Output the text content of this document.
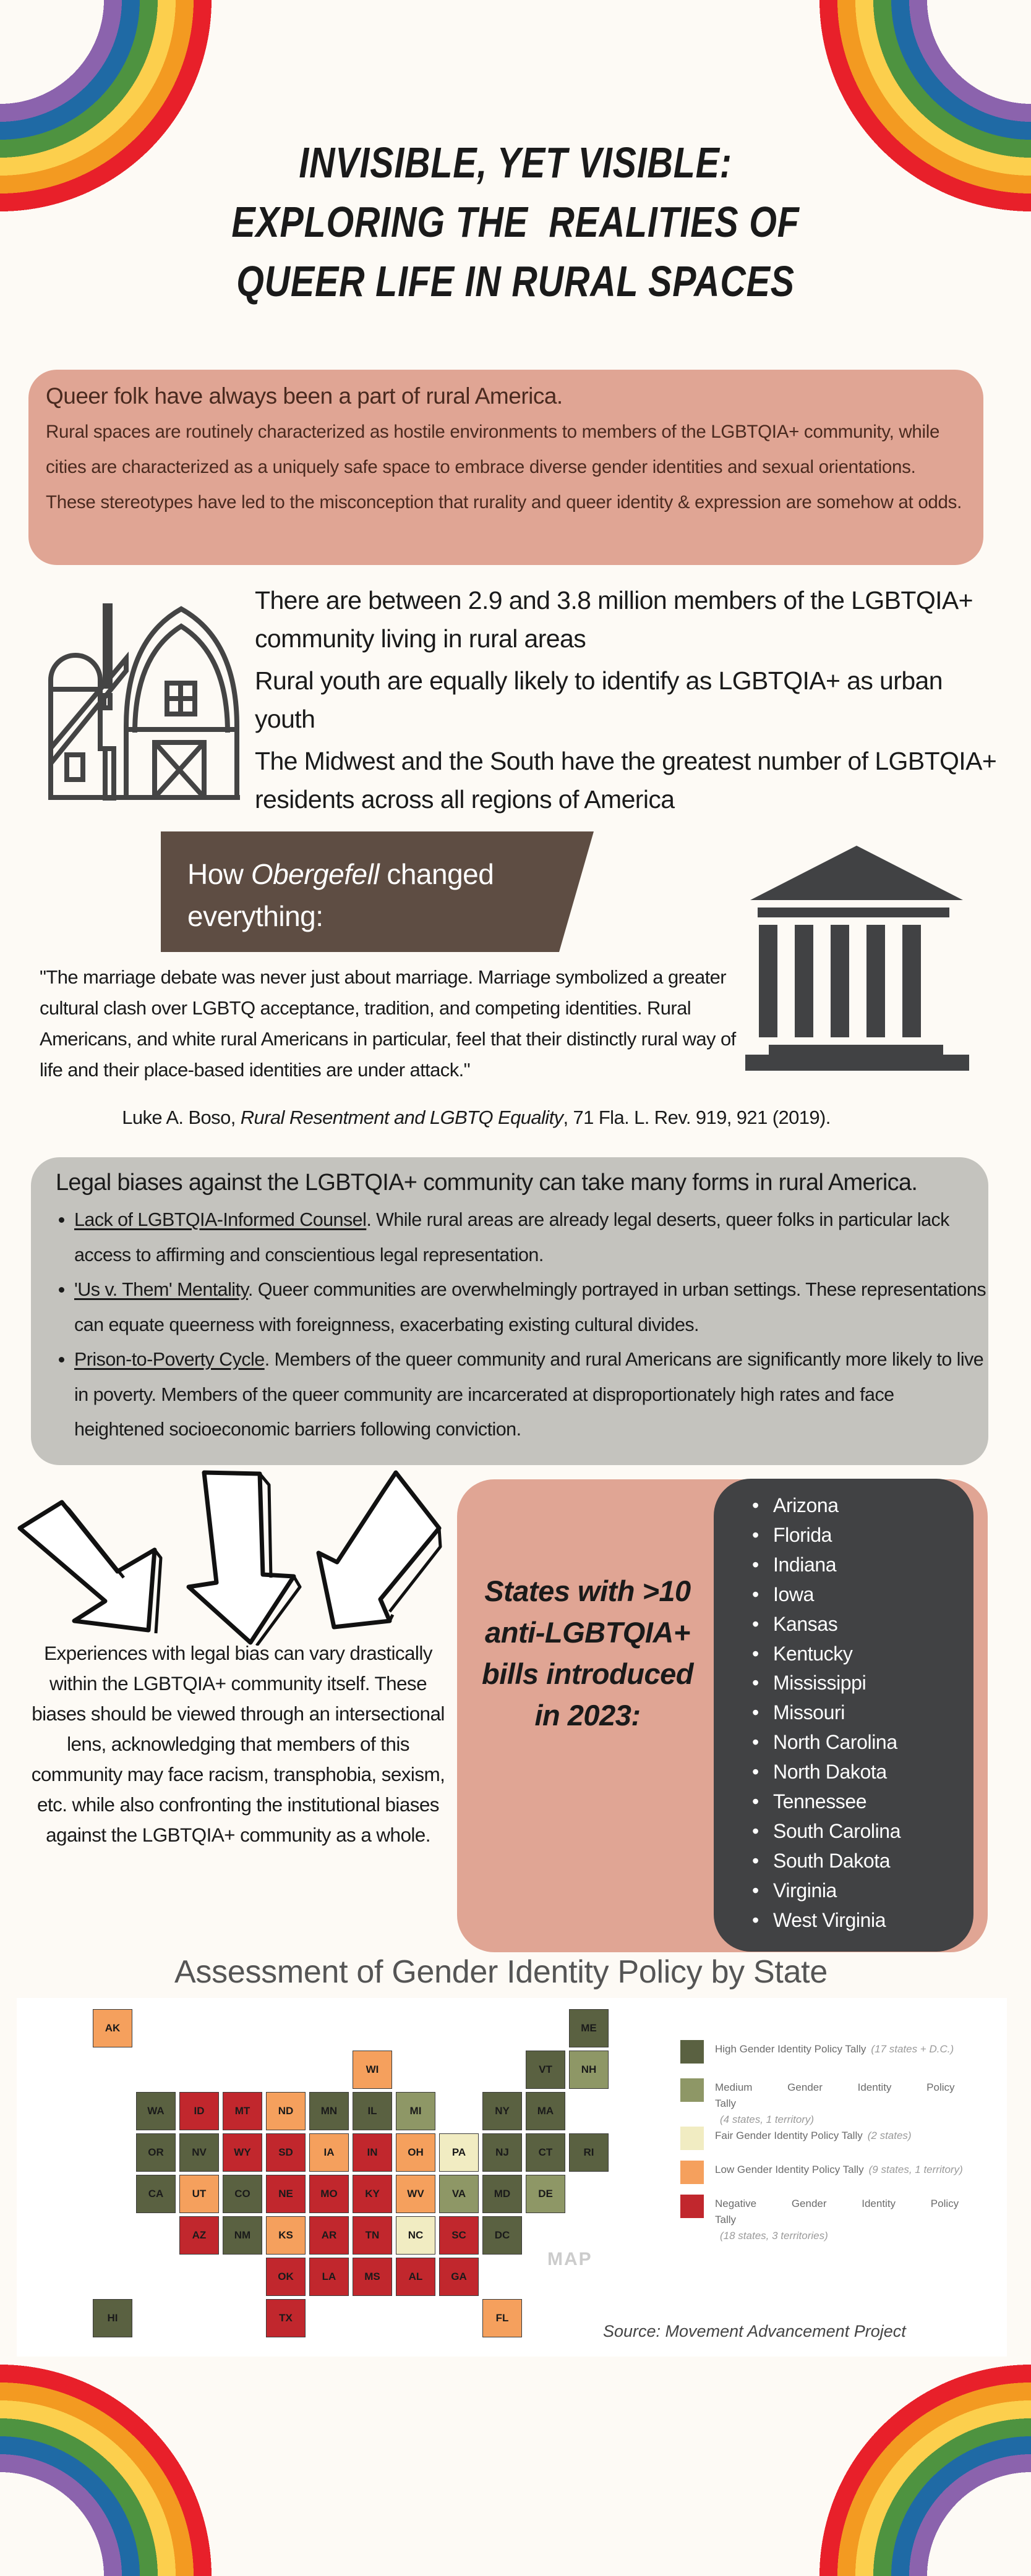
INVISIBLE, YET VISIBLE:
EXPLORING THE  REALITIES OF
QUEER LIFE IN RURAL SPACES
Queer folk have always been a part of rural America.

Rural spaces are routinely characterized as hostile environments to members of the LGBTQIA+ community, while cities are characterized as a uniquely safe space to embrace diverse gender identities and sexual orientations. These stereotypes have led to the misconception that rurality and queer identity & expression are somehow at odds.

There are between 2.9 and 3.8 million members of the LGBTQIA+ community living in rural areas

Rural youth are equally likely to identify as LGBTQIA+ as urban youth

The Midwest and the South have the greatest number of LGBTQIA+ residents across all regions of America

How Obergefell changed everything:
"The marriage debate was never just about marriage. Marriage symbolized a greater cultural clash over LGBTQ acceptance, tradition, and competing identities. Rural Americans, and white rural Americans in particular, feel that their distinctly rural way of life and their place-based identities are under attack."
Luke A. Boso, Rural Resentment and LGBTQ Equality, 71 Fla. L. Rev. 919, 921 (2019).
Legal biases against the LGBTQIA+ community can take many forms in rural America.
• Lack of LGBTQIA-Informed Counsel. While rural areas are already legal deserts, queer folks in particular lack access to affirming and conscientious legal representation.
• 'Us v. Them' Mentality. Queer communities are overwhelmingly portrayed in urban settings. These representations can equate queerness with foreignness, exacerbating existing cultural divides.
• Prison-to-Poverty Cycle. Members of the queer community and rural Americans are significantly more likely to live in poverty. Members of the queer community are incarcerated at disproportionately high rates and face heightened socioeconomic barriers following conviction.
Experiences with legal bias can vary drastically within the LGBTQIA+ community itself. These biases should be viewed through an intersectional lens, acknowledging that members of this community may face racism, transphobia, sexism, etc. while also confronting the institutional biases against the LGBTQIA+ community as a whole.
States with >10 anti-LGBTQIA+ bills introduced in 2023:
• Arizona
• Florida
• Indiana
• Iowa
• Kansas
• Kentucky
• Mississippi
• Missouri
• North Carolina
• North Dakota
• Tennessee
• South Carolina
• South Dakota
• Virginia
• West Virginia
Assessment of Gender Identity Policy by State
WA
OR
CA
NV
CO
NM
MN	IL	NY
VT
ME
MA
RI
CT
NJ
MD
DC
HI
NH
MI
VA	DE
PA
NC
ND
WI
IA
UT
KS
OH
WV
FL
AK
MT
ID
WY	SD
NE
AZ
TX
OK
MO
AR
LA	MS	AL	GA
SC
TN
KY
IN
MAP
High Gender Identity Policy Tally (17 states + D.C.)
Medium Gender Identity Policy Tally
(4 states, 1 territory)
Fair Gender Identity Policy Tally (2 states)
Low Gender Identity Policy Tally (9 states, 1 territory)
Negative Gender Identity Policy Tally
(18 states, 3 territories)
Source: Movement Advancement Project
